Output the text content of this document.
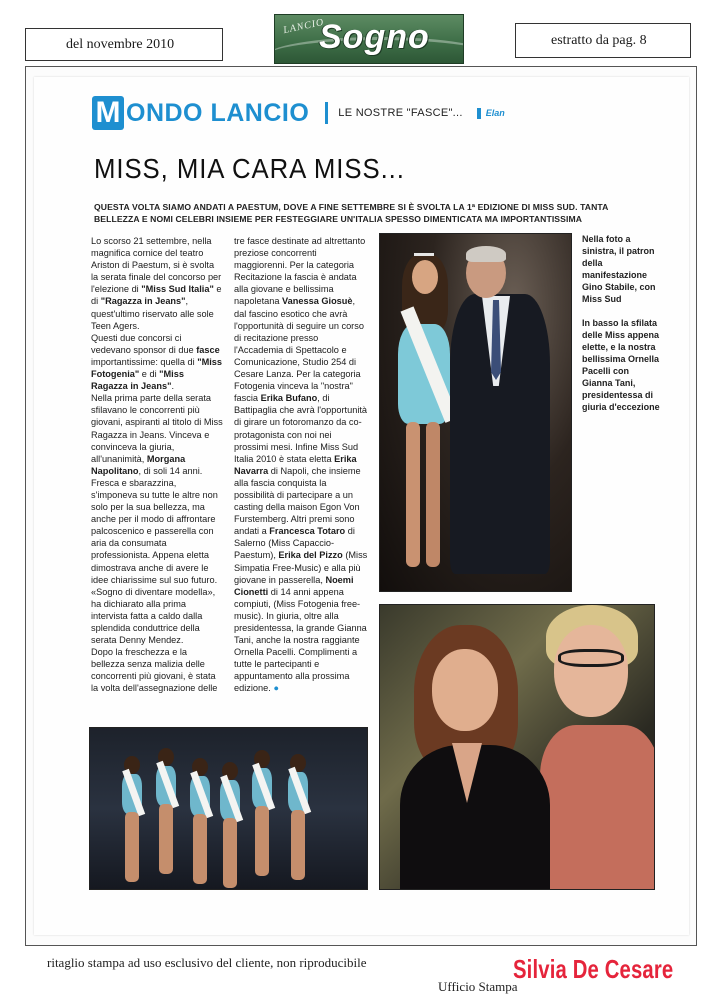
del novembre 2010
LANCIO
Sogno	estratto da pag. 8
M ONDO LANCIO	LE NOSTRE "FASCE"...	Elan
MISS, MIA CARA MISS...
QUESTA VOLTA SIAMO ANDATI A PAESTUM, DOVE A FINE SETTEMBRE SI È SVOLTA LA 1ª EDIZIONE DI MISS SUD. TANTA BELLEZZA E NOMI CELEBRI INSIEME PER FESTEGGIARE UN'ITALIA SPESSO DIMENTICATA MA IMPORTANTISSIMA

Lo scorso 21 settembre, nella magnifica cornice del teatro Ariston di Paestum, si è svolta la serata finale del concorso per l'elezione di "Miss Sud Italia" e di "Ragazza in Jeans", quest'ultimo riservato alle sole Teen Agers.

Questi due concorsi ci vedevano sponsor di due fasce importantissime: quella di "Miss Fotogenia" e di "Miss Ragazza in Jeans".

Nella prima parte della serata sfilavano le concorrenti più giovani, aspiranti al titolo di Miss Ragazza in Jeans. Vinceva e convinceva la giuria, all'unanimità, Morgana Napolitano, di soli 14 anni. Fresca e sbarazzina, s'imponeva su tutte le altre non solo per la sua bellezza, ma anche per il modo di affrontare palcoscenico e passerella con aria da consumata professionista. Appena eletta dimostrava anche di avere le idee chiarissime sul suo futuro. «Sogno di diventare modella», ha dichiarato alla prima intervista fatta a caldo dalla splendida conduttrice della serata Denny Mendez.

Dopo la freschezza e la bellezza senza malizia delle concorrenti più giovani, è stata la volta dell'assegnazione delle

tre fasce destinate ad altrettanto preziose concorrenti maggiorenni. Per la categoria Recitazione la fascia è andata alla giovane e bellissima napoletana Vanessa Giosuè, dal fascino esotico che avrà l'opportunità di seguire un corso di recitazione presso l'Accademia di Spettacolo e Comunicazione, Studio 254 di Cesare Lanza. Per la categoria Fotogenia vinceva la "nostra" fascia Erika Bufano, di Battipaglia che avrà l'opportunità di girare un fotoromanzo da co-protagonista con noi nei prossimi mesi. Infine Miss Sud Italia 2010 è stata eletta Erika Navarra di Napoli, che insieme alla fascia conquista la possibilità di partecipare a un casting della maison Egon Von Furstemberg. Altri premi sono andati a Francesca Totaro di Salerno (Miss Capaccio-Paestum), Erika del Pizzo (Miss Simpatia Free-Music) e alla più giovane in passerella, Noemi Cionetti di 14 anni appena compiuti, (Miss Fotogenia free-music). In giuria, oltre alla presidentessa, la grande Gianna Tani, anche la nostra raggiante Ornella Pacelli. Complimenti a tutte le partecipanti e appuntamento alla prossima edizione. ●

Nella foto a sinistra, il patron della manifestazione Gino Stabile, con Miss Sud

In basso la sfilata delle Miss appena elette, e la nostra bellissima Ornella Pacelli con Gianna Tani, presidentessa di giuria d'eccezione

ritaglio stampa ad uso esclusivo del cliente, non riproducibile
Ufficio Stampa
Silvia De Cesare
